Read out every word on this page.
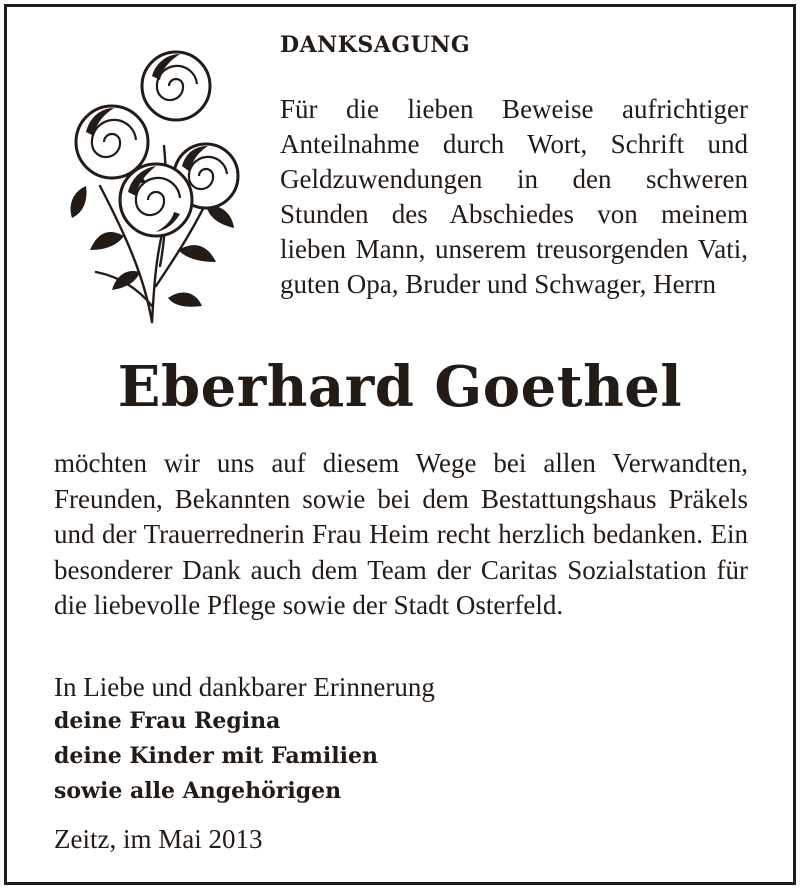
DANKSAGUNG

Für die lieben Beweise aufrichtiger Anteilnahme durch Wort, Schrift und Geldzuwendungen in den schweren Stunden des Abschiedes von meinem lieben Mann, unserem treusorgenden Vati, guten Opa, Bruder und Schwager, Herrn

Eberhard Goethel

möchten wir uns auf diesem Wege bei allen Verwandten, Freunden, Bekannten sowie bei dem Bestattungshaus Präkels und der Trauerrednerin Frau Heim recht herzlich bedanken. Ein besonderer Dank auch dem Team der Caritas Sozialstation für die liebevolle Pflege sowie der Stadt Osterfeld.

In Liebe und dankbarer Erinnerung

deine Frau Regina

deine Kinder mit Familien

sowie alle Angehörigen

Zeitz, im Mai 2013
